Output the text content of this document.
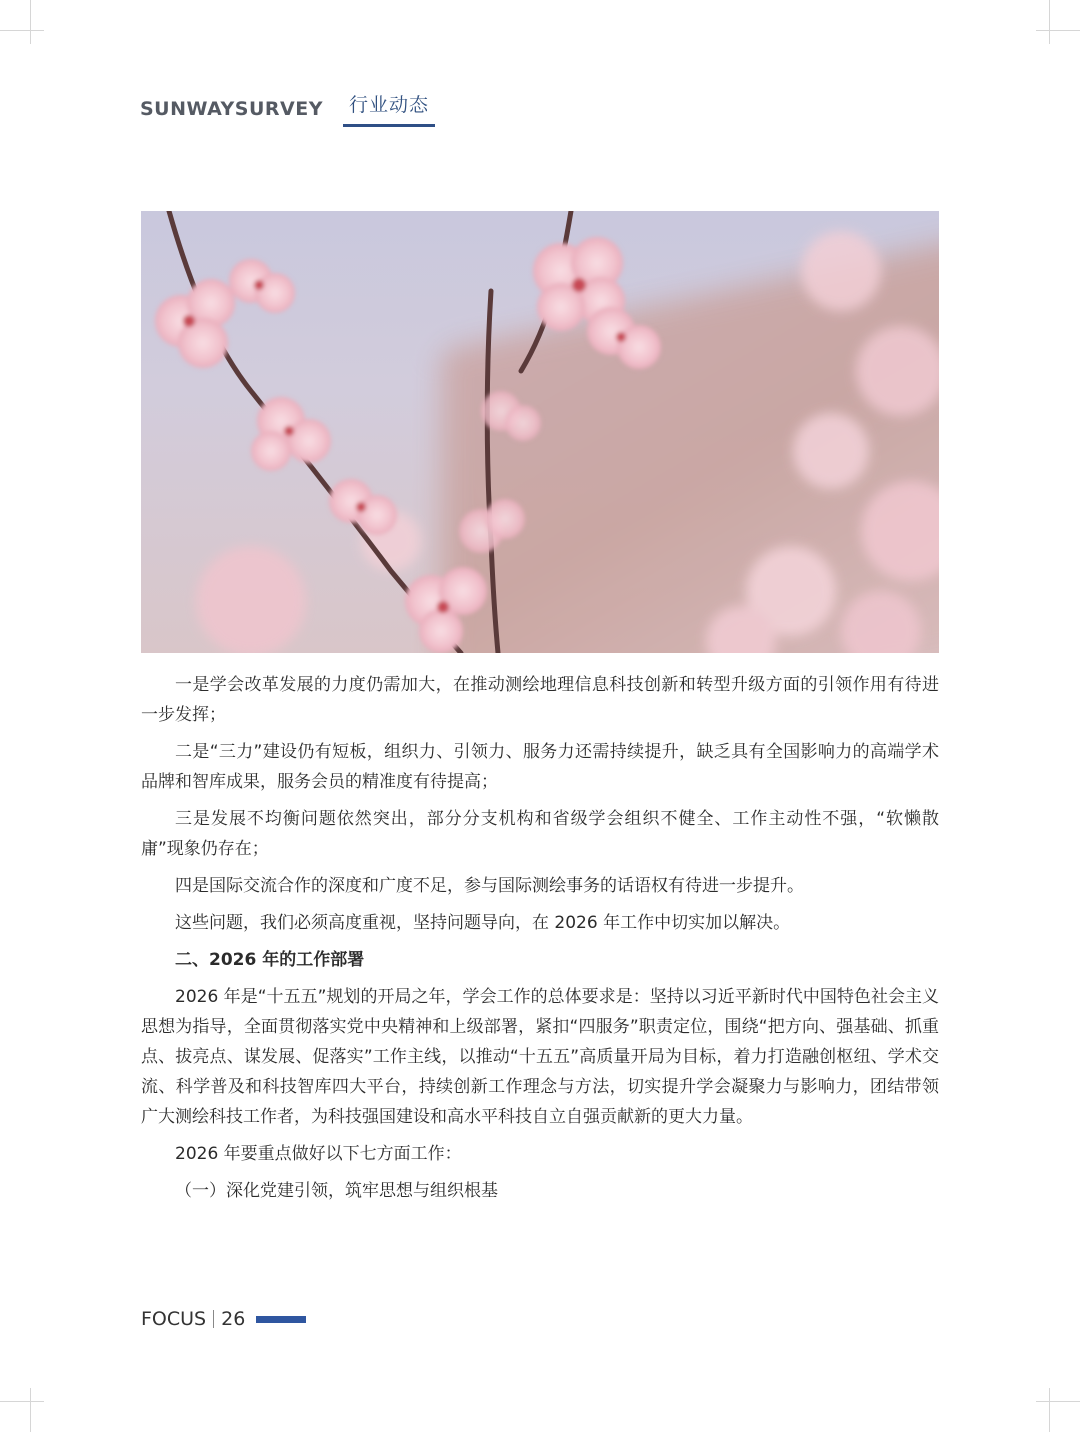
SUNWAYSURVEY	行业动态

一是学会改革发展的力度仍需加大，在推动测绘地理信息科技创新和转型升级方面的引领作用有待进一步发挥；

二是“三力”建设仍有短板，组织力、引领力、服务力还需持续提升，缺乏具有全国影响力的高端学术品牌和智库成果，服务会员的精准度有待提高；

三是发展不均衡问题依然突出，部分分支机构和省级学会组织不健全、工作主动性不强，“软懒散庸”现象仍存在；

四是国际交流合作的深度和广度不足，参与国际测绘事务的话语权有待进一步提升。

这些问题，我们必须高度重视，坚持问题导向，在 2026 年工作中切实加以解决。

二、2026 年的工作部署

2026 年是“十五五”规划的开局之年，学会工作的总体要求是：坚持以习近平新时代中国特色社会主义思想为指导，全面贯彻落实党中央精神和上级部署，紧扣“四服务”职责定位，围绕“把方向、强基础、抓重点、拔亮点、谋发展、促落实”工作主线，以推动“十五五”高质量开局为目标，着力打造融创枢纽、学术交流、科学普及和科技智库四大平台，持续创新工作理念与方法，切实提升学会凝聚力与影响力，团结带领广大测绘科技工作者，为科技强国建设和高水平科技自立自强贡献新的更大力量。

2026 年要重点做好以下七方面工作：

（一）深化党建引领，筑牢思想与组织根基

FOCUS 26
